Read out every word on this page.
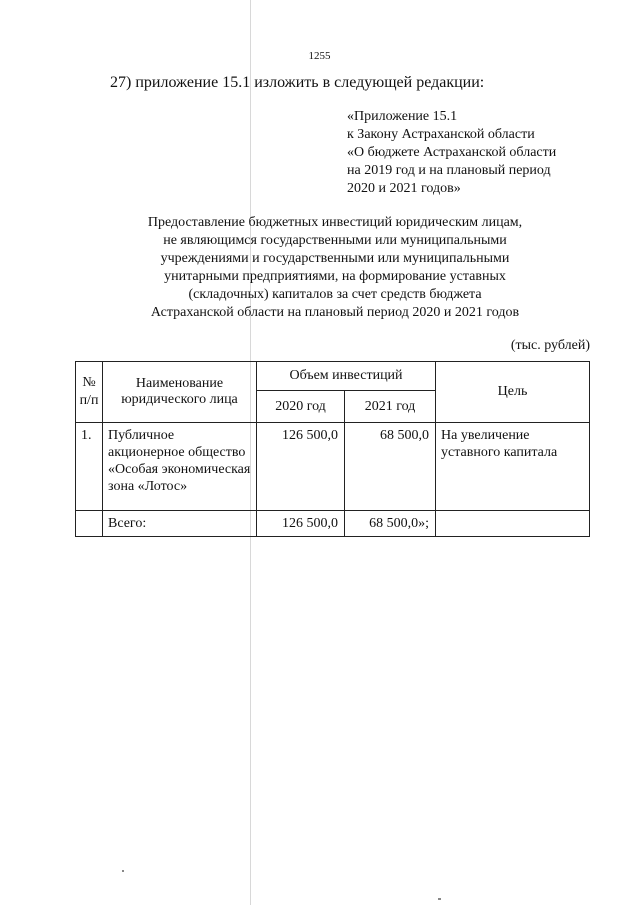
1255
27) приложение 15.1 изложить в следующей редакции:
«Приложение 15.1
к Закону Астраханской области
«О бюджете Астраханской области
на 2019 год и на плановый период
2020 и 2021 годов»
Предоставление бюджетных инвестиций юридическим лицам,
не являющимся государственными или муниципальными
учреждениями и государственными или муниципальными
унитарными предприятиями, на формирование уставных
(складочных) капиталов за счет средств бюджета
Астраханской области на плановый период 2020 и 2021 годов
(тыс. рублей)
№ п/п	Наименование юридического лица	Объем инвестиций		Цель
		2020 год	2021 год	
1.	Публичное акционерное общество «Особая экономическая зона «Лотос»	126 500,0	68 500,0	На увеличение уставного капитала
	Всего:	126 500,0	68 500,0»;	
